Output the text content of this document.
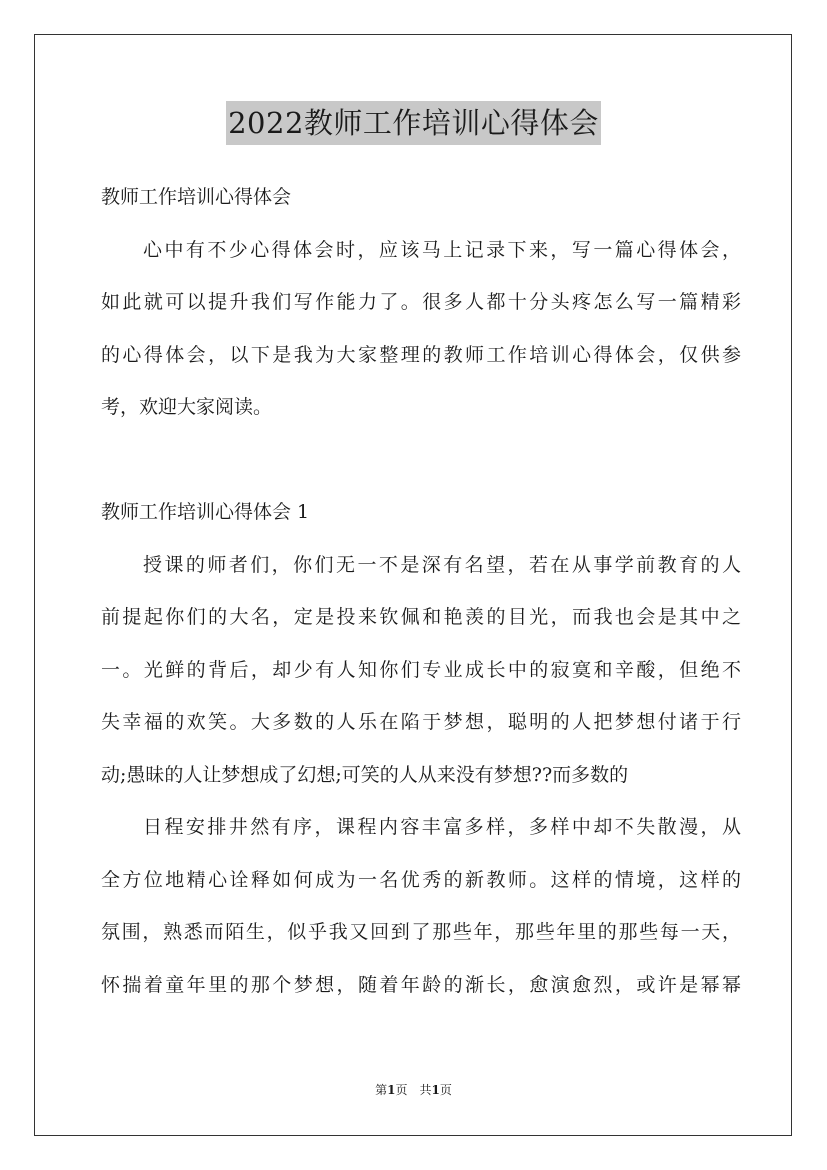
2022教师工作培训心得体会
教师工作培训心得体会
心中有不少心得体会时，应该马上记录下来，写一篇心得体会，
如此就可以提升我们写作能力了。很多人都十分头疼怎么写一篇精彩
的心得体会，以下是我为大家整理的教师工作培训心得体会，仅供参
考，欢迎大家阅读。
教师工作培训心得体会 1
授课的师者们，你们无一不是深有名望，若在从事学前教育的人
前提起你们的大名，定是投来钦佩和艳羡的目光，而我也会是其中之
一。光鲜的背后，却少有人知你们专业成长中的寂寞和辛酸，但绝不
失幸福的欢笑。大多数的人乐在陷于梦想，聪明的人把梦想付诸于行
动;愚昧的人让梦想成了幻想;可笑的人从来没有梦想??而多数的
日程安排井然有序，课程内容丰富多样，多样中却不失散漫，从
全方位地精心诠释如何成为一名优秀的新教师。这样的情境，这样的
氛围，熟悉而陌生，似乎我又回到了那些年，那些年里的那些每一天，
怀揣着童年里的那个梦想，随着年龄的渐长，愈演愈烈，或许是幂幂
第1页　共1页
